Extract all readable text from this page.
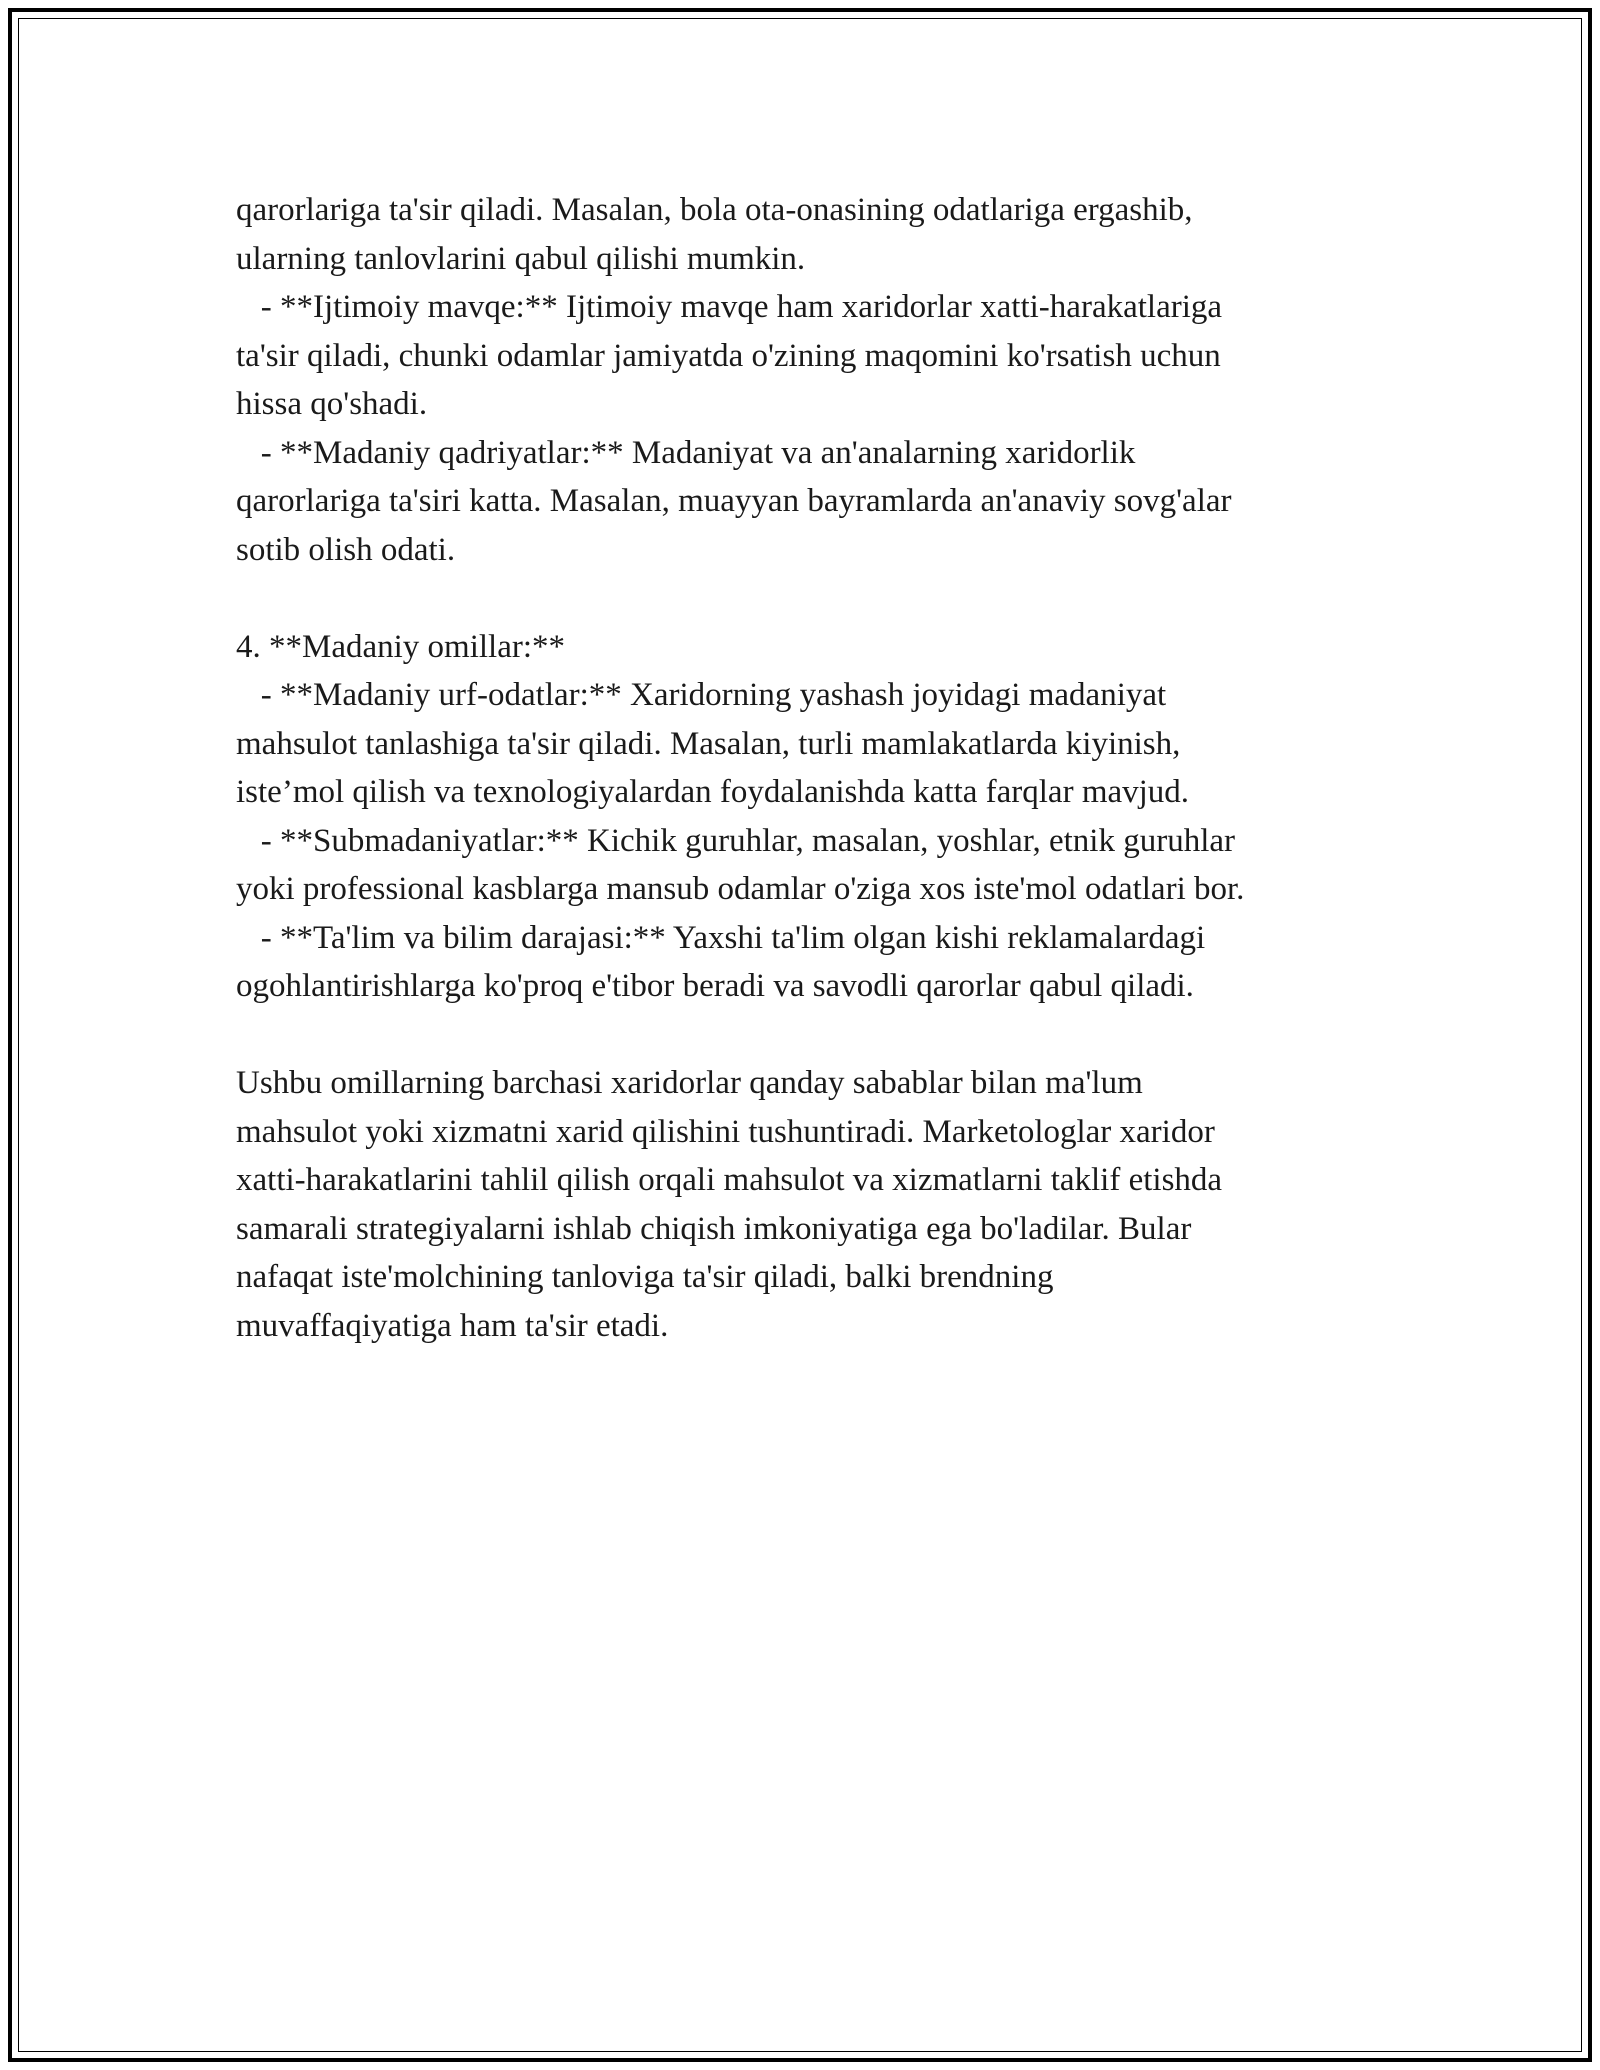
qarorlariga ta'sir qiladi. Masalan, bola ota-onasining odatlariga ergashib,

ularning tanlovlarini qabul qilishi mumkin.

- **Ijtimoiy mavqe:** Ijtimoiy mavqe ham xaridorlar xatti-harakatlariga

ta'sir qiladi, chunki odamlar jamiyatda o'zining maqomini ko'rsatish uchun

hissa qo'shadi.

- **Madaniy qadriyatlar:** Madaniyat va an'analarning xaridorlik

qarorlariga ta'siri katta. Masalan, muayyan bayramlarda an'anaviy sovg'alar

sotib olish odati.

4. **Madaniy omillar:**

- **Madaniy urf-odatlar:** Xaridorning yashash joyidagi madaniyat

mahsulot tanlashiga ta'sir qiladi. Masalan, turli mamlakatlarda kiyinish,

iste’mol qilish va texnologiyalardan foydalanishda katta farqlar mavjud.

- **Submadaniyatlar:** Kichik guruhlar, masalan, yoshlar, etnik guruhlar

yoki professional kasblarga mansub odamlar o'ziga xos iste'mol odatlari bor.

- **Ta'lim va bilim darajasi:** Yaxshi ta'lim olgan kishi reklamalardagi

ogohlantirishlarga ko'proq e'tibor beradi va savodli qarorlar qabul qiladi.

Ushbu omillarning barchasi xaridorlar qanday sabablar bilan ma'lum

mahsulot yoki xizmatni xarid qilishini tushuntiradi. Marketologlar xaridor

xatti-harakatlarini tahlil qilish orqali mahsulot va xizmatlarni taklif etishda

samarali strategiyalarni ishlab chiqish imkoniyatiga ega bo'ladilar. Bular

nafaqat iste'molchining tanloviga ta'sir qiladi, balki brendning

muvaffaqiyatiga ham ta'sir etadi.
